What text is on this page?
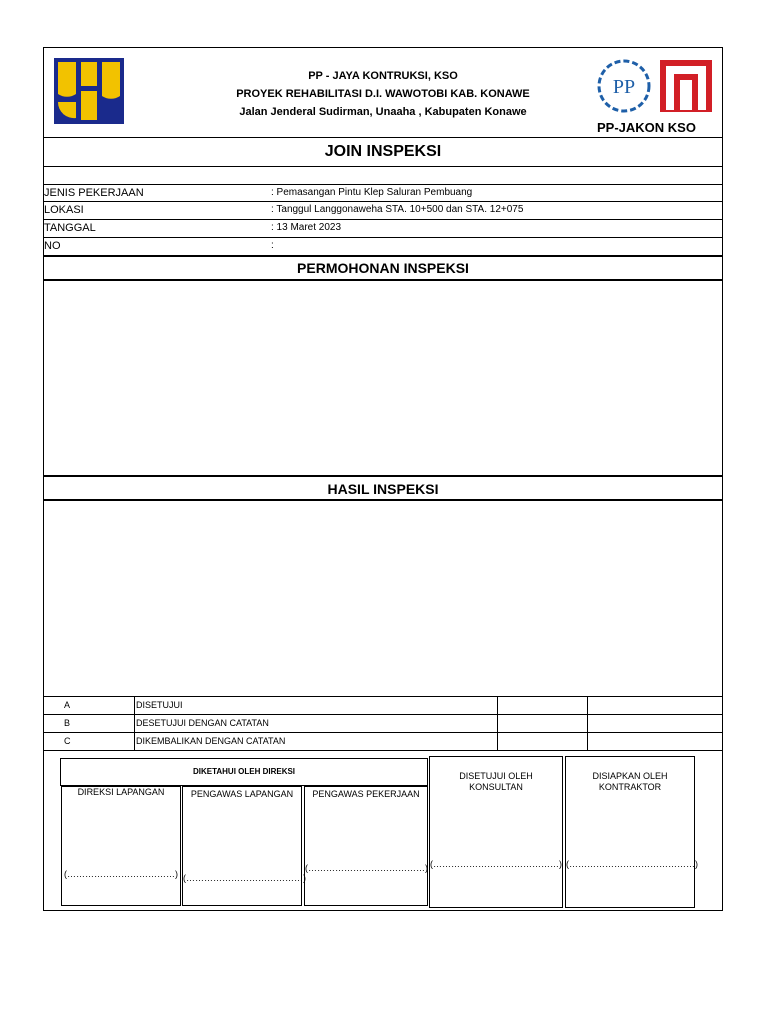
PP - JAYA KONTRUKSI, KSO
PROYEK REHABILITASI D.I. WAWOTOBI KAB. KONAWE
Jalan Jenderal Sudirman, Unaaha , Kabupaten Konawe
PP
PP-JAKON KSO
JOIN INSPEKSI
JENIS PEKERJAAN	: Pemasangan Pintu Klep Saluran Pembuang
LOKASI	: Tanggul Langgonaweha STA. 10+500 dan STA. 12+075
TANGGAL	: 13 Maret 2023
NO	:
PERMOHONAN INSPEKSI
HASIL INSPEKSI
A	DISETUJUI
B	DESETUJUI DENGAN CATATAN
C	DIKEMBALIKAN DENGAN CATATAN
DIKETAHUI OLEH DIREKSI
DIREKSI LAPANGAN
(………………………………)
PENGAWAS LAPANGAN
(…………………………………)
PENGAWAS PEKERJAAN
(…………………………………)
DISETUJUI OLEH
KONSULTAN
(……………………………………)
DISIAPKAN OLEH
KONTRAKTOR
(……………………………………)
